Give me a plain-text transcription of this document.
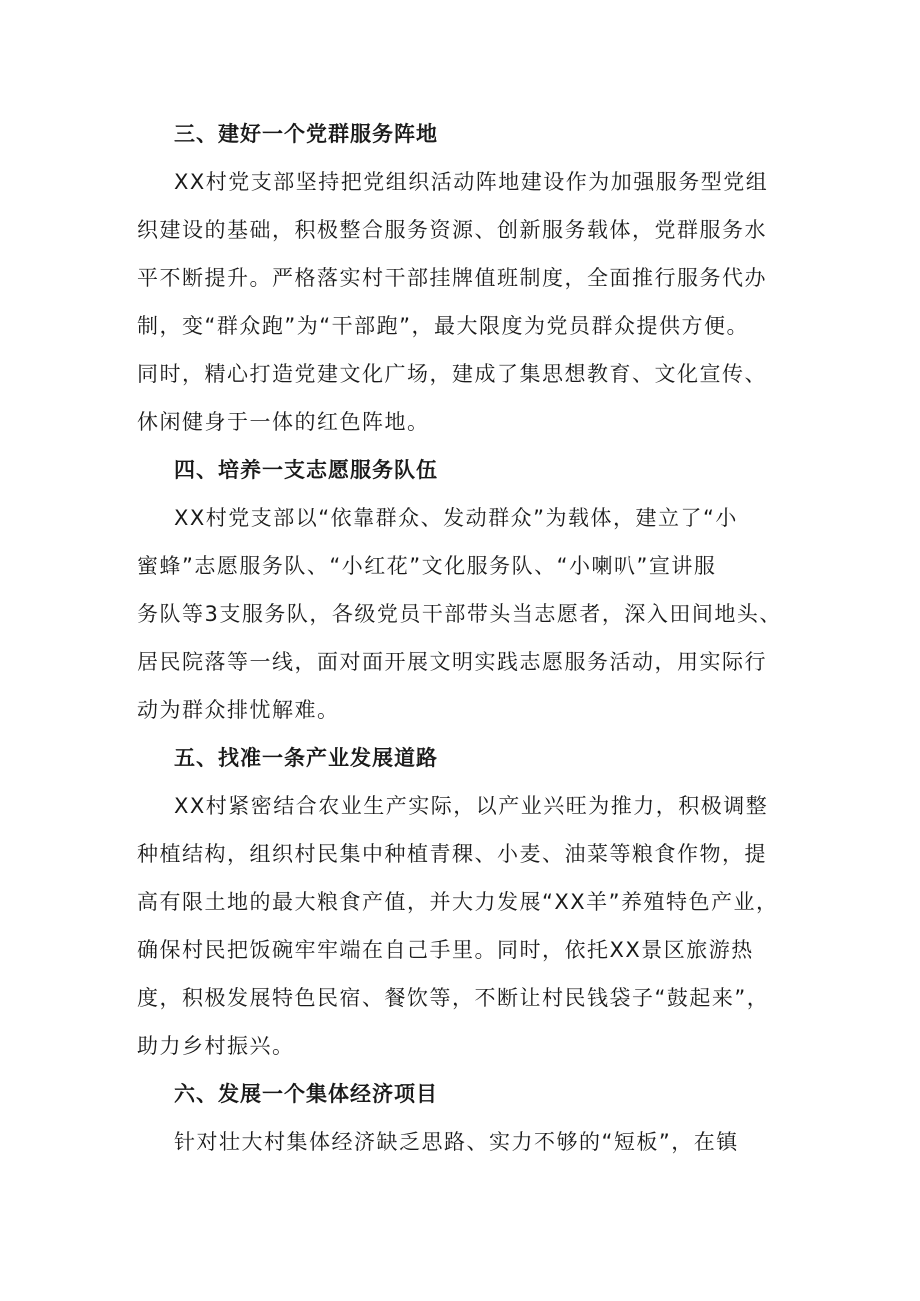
三、建好一个党群服务阵地
XX村党支部坚持把党组织活动阵地建设作为加强服务型党组
织建设的基础，积极整合服务资源、创新服务载体，党群服务水
平不断提升。严格落实村干部挂牌值班制度，全面推行服务代办
制，变“群众跑”为“干部跑”，最大限度为党员群众提供方便。
同时，精心打造党建文化广场，建成了集思想教育、文化宣传、
休闲健身于一体的红色阵地。
四、培养一支志愿服务队伍
XX村党支部以“依靠群众、发动群众”为载体，建立了“小
蜜蜂”志愿服务队、“小红花”文化服务队、“小喇叭”宣讲服
务队等3支服务队，各级党员干部带头当志愿者，深入田间地头、
居民院落等一线，面对面开展文明实践志愿服务活动，用实际行
动为群众排忧解难。
五、找准一条产业发展道路
XX村紧密结合农业生产实际，以产业兴旺为推力，积极调整
种植结构，组织村民集中种植青稞、小麦、油菜等粮食作物，提
高有限土地的最大粮食产值，并大力发展“XX羊”养殖特色产业，
确保村民把饭碗牢牢端在自己手里。同时，依托XX景区旅游热
度，积极发展特色民宿、餐饮等，不断让村民钱袋子“鼓起来”，
助力乡村振兴。
六、发展一个集体经济项目
针对壮大村集体经济缺乏思路、实力不够的“短板”，在镇
